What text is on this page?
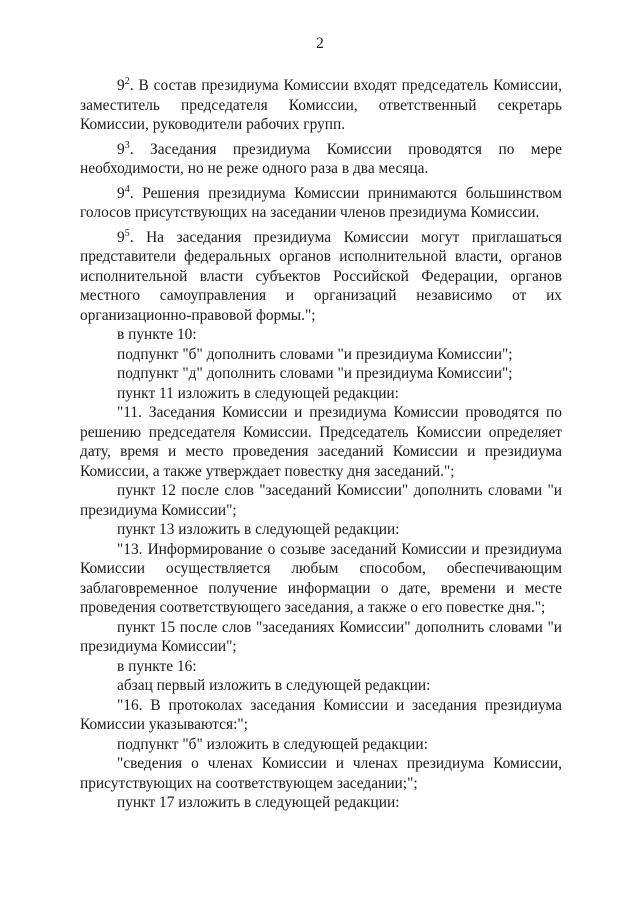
2

$9^2$. В состав президиума Комиссии входят председатель Комиссии, заместитель председателя Комиссии, ответственный секретарь Комиссии, руководители рабочих групп.

$9^3$. Заседания президиума Комиссии проводятся по мере необходимости, но не реже одного раза в два месяца.

$9^4$. Решения президиума Комиссии принимаются большинством голосов присутствующих на заседании членов президиума Комиссии.

$9^5$. На заседания президиума Комиссии могут приглашаться представители федеральных органов исполнительной власти, органов исполнительной власти субъектов Российской Федерации, органов местного самоуправления и организаций независимо от их организационно-правовой формы.";

в пункте 10:

подпункт "б" дополнить словами "и президиума Комиссии";

подпункт "д" дополнить словами "и президиума Комиссии";

пункт 11 изложить в следующей редакции:

"11. Заседания Комиссии и президиума Комиссии проводятся по решению председателя Комиссии. Председатель Комиссии определяет дату, время и место проведения заседаний Комиссии и президиума Комиссии, а также утверждает повестку дня заседаний.";

пункт 12 после слов "заседаний Комиссии" дополнить словами "и президиума Комиссии";

пункт 13 изложить в следующей редакции:

"13. Информирование о созыве заседаний Комиссии и президиума Комиссии осуществляется любым способом, обеспечивающим заблаговременное получение информации о дате, времени и месте проведения соответствующего заседания, а также о его повестке дня.";

пункт 15 после слов "заседаниях Комиссии" дополнить словами "и президиума Комиссии";

в пункте 16:

абзац первый изложить в следующей редакции:

"16. В протоколах заседания Комиссии и заседания президиума Комиссии указываются:";

подпункт "б" изложить в следующей редакции:

"сведения о членах Комиссии и членах президиума Комиссии, присутствующих на соответствующем заседании;";

пункт 17 изложить в следующей редакции:
